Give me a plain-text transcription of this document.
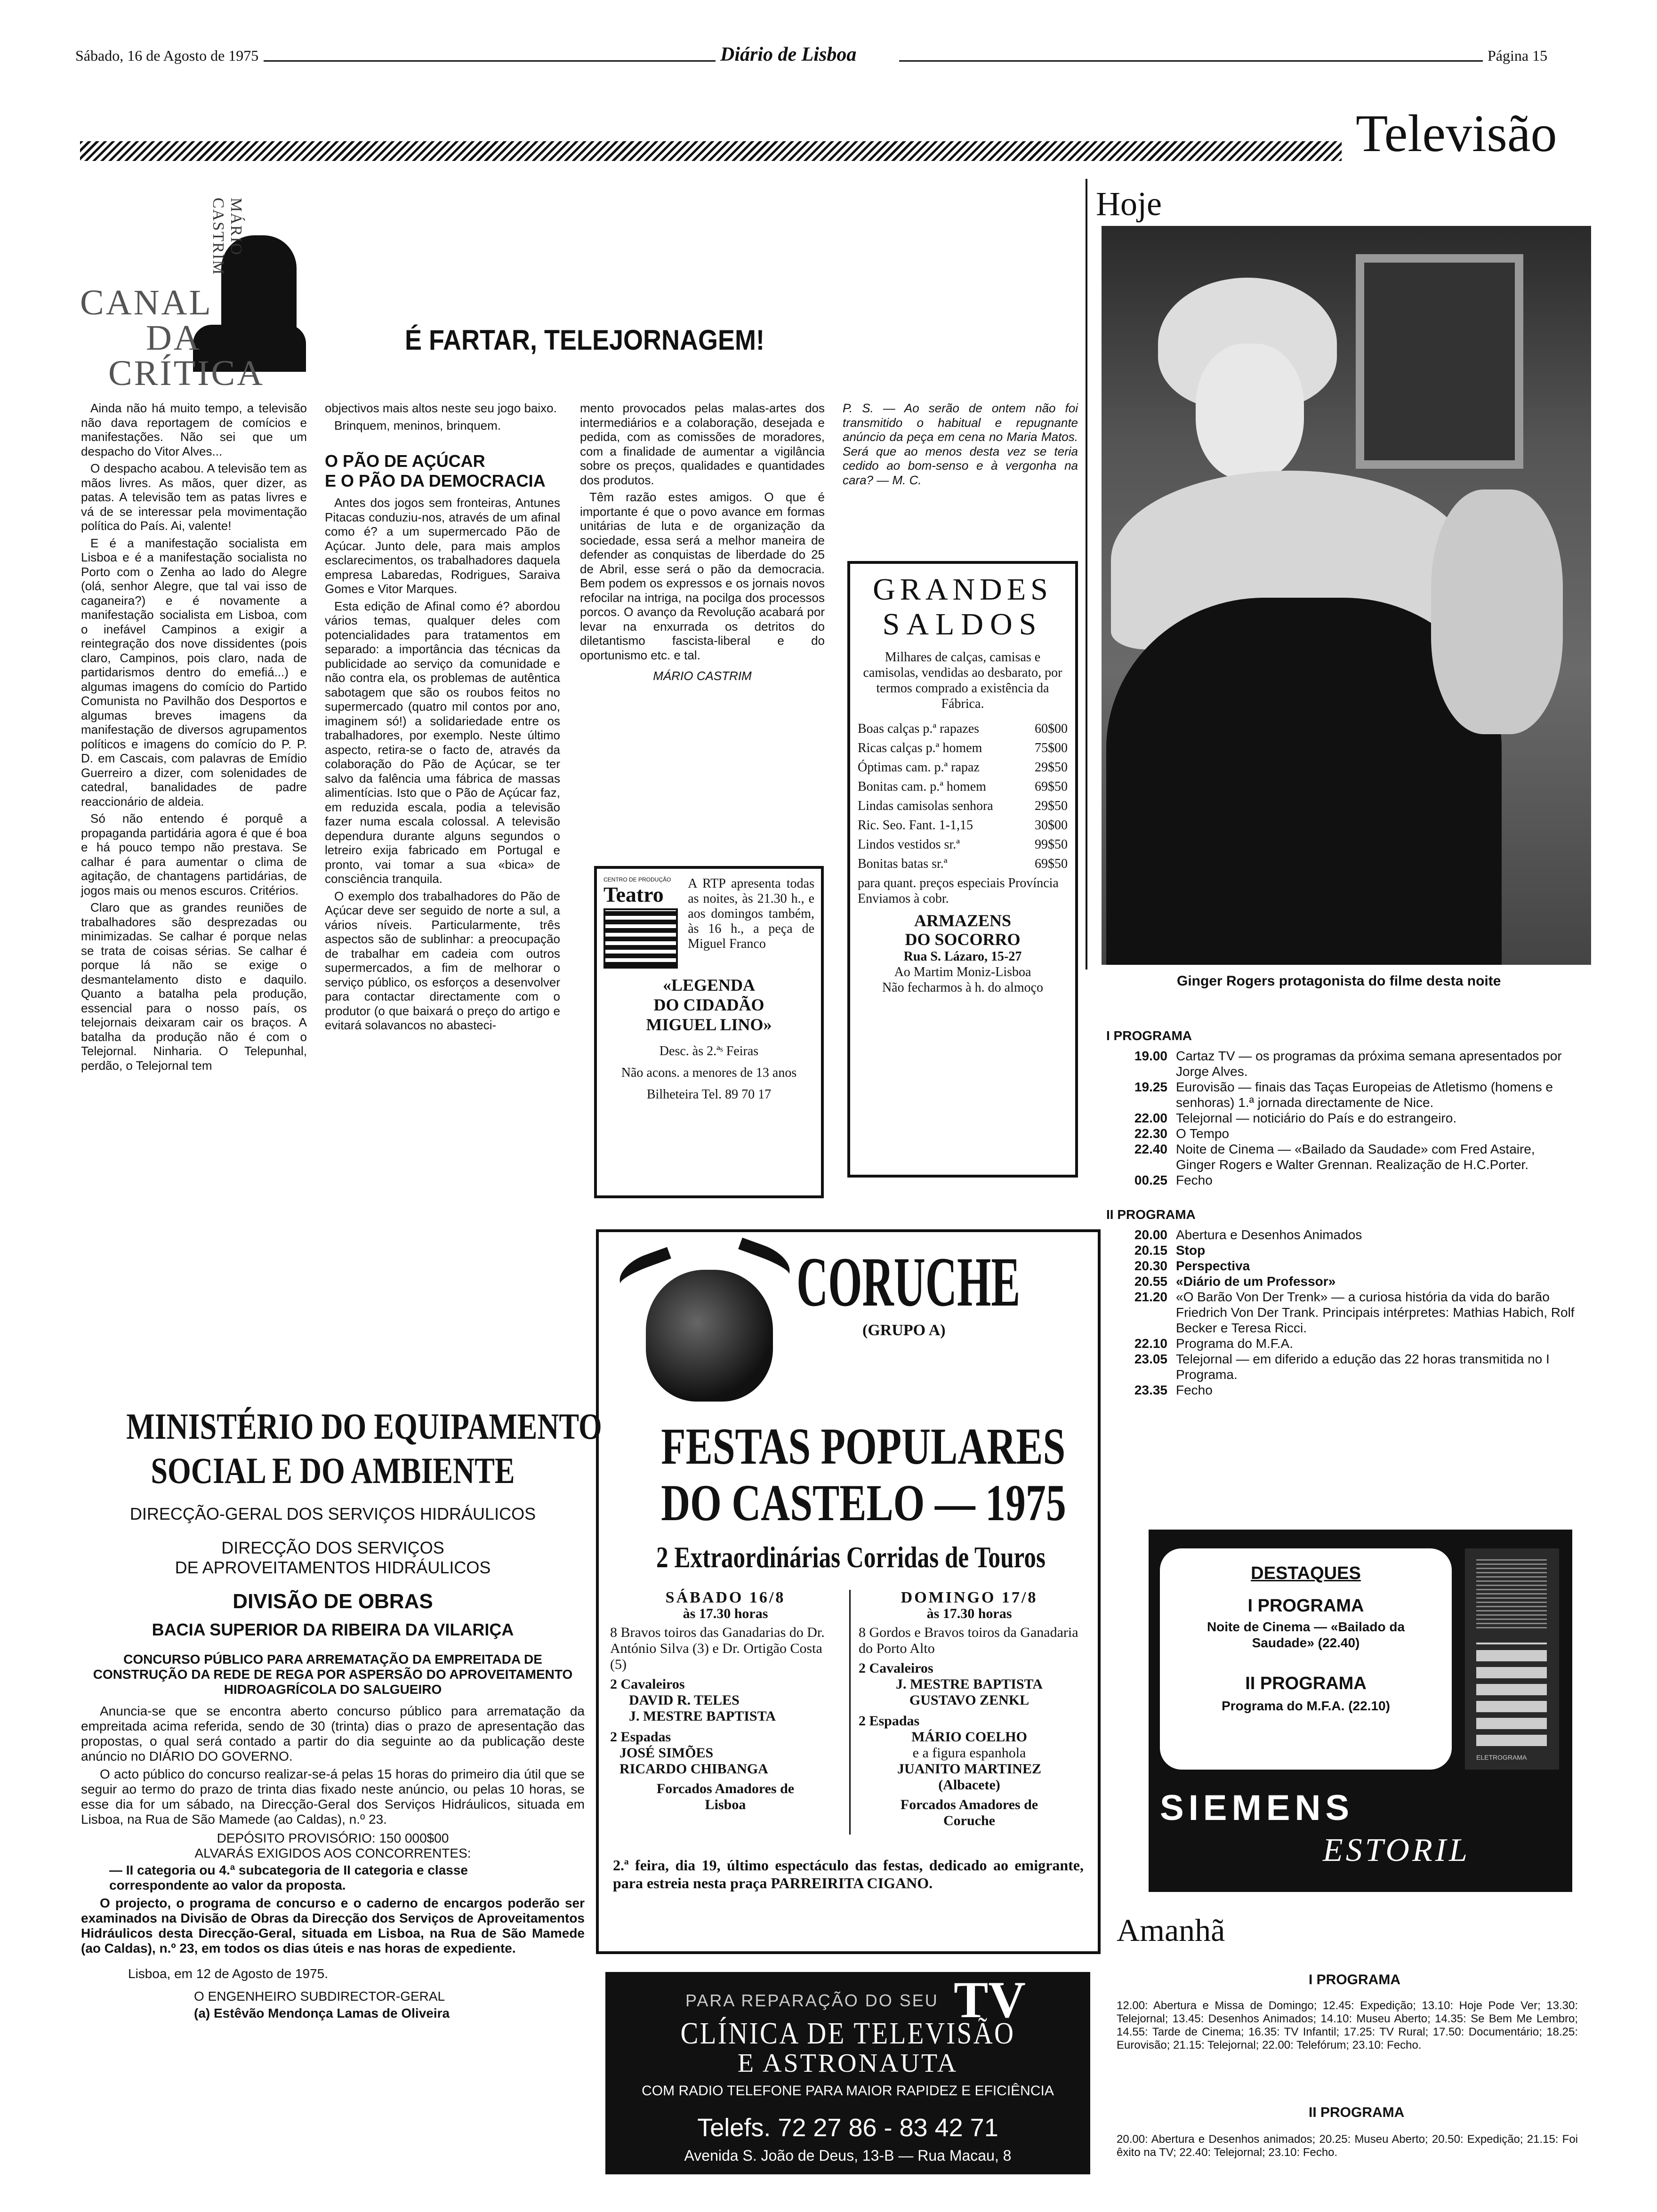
Sábado, 16 de Agosto de 1975	Diário de Lisboa	Página 15
Televisão
MÁRIO CASTRIM
CANAL
DA
CRÍTICA
É FARTAR, TELEJORNAGEM!

Ainda não há muito tempo, a televisão não dava reportagem de comícios e manifestações. Não sei que um despacho do Vitor Alves...

O despacho acabou. A televisão tem as mãos livres. As mãos, quer dizer, as patas. A televisão tem as patas livres e vá de se interessar pela movimentação política do País. Ai, valente!

E é a manifestação socialista em Lisboa e é a manifestação socialista no Porto com o Zenha ao lado do Alegre (olá, senhor Alegre, que tal vai isso de caganeira?) e é novamente a manifestação socialista em Lisboa, com o inefável Campinos a exigir a reintegração dos nove dissidentes (pois claro, Campinos, pois claro, nada de partidarismos dentro do emefiá...) e algumas imagens do comício do Partido Comunista no Pavilhão dos Desportos e algumas breves imagens da manifestação de diversos agrupamentos políticos e imagens do comício do P. P. D. em Cascais, com palavras de Emídio Guerreiro a dizer, com solenidades de catedral, banalidades de padre reaccionário de aldeia.

Só não entendo é porquê a propaganda partidária agora é que é boa e há pouco tempo não prestava. Se calhar é para aumentar o clima de agitação, de chantagens partidárias, de jogos mais ou menos escuros. Critérios.

Claro que as grandes reuniões de trabalhadores são desprezadas ou minimizadas. Se calhar é porque nelas se trata de coisas sérias. Se calhar é porque lá não se exige o desmantelamento disto e daquilo. Quanto a batalha pela produção, essencial para o nosso país, os telejornais deixaram cair os braços. A batalha da produção não é com o Telejornal. Ninharia. O Telepunhal, perdão, o Telejornal tem

objectivos mais altos neste seu jogo baixo.

Brinquem, meninos, brinquem.

O PÃO DE AÇÚCAR
E O PÃO DA DEMOCRACIA

Antes dos jogos sem fronteiras, Antunes Pitacas conduziu-nos, através de um afinal como é? a um supermercado Pão de Açúcar. Junto dele, para mais amplos esclarecimentos, os trabalhadores daquela empresa Labaredas, Rodrigues, Saraiva Gomes e Vitor Marques.

Esta edição de Afinal como é? abordou vários temas, qualquer deles com potencialidades para tratamentos em separado: a importância das técnicas da publicidade ao serviço da comunidade e não contra ela, os problemas de autêntica sabotagem que são os roubos feitos no supermercado (quatro mil contos por ano, imaginem só!) a solidariedade entre os trabalhadores, por exemplo. Neste último aspecto, retira-se o facto de, através da colaboração do Pão de Açúcar, se ter salvo da falência uma fábrica de massas alimentícias. Isto que o Pão de Açúcar faz, em reduzida escala, podia a televisão fazer numa escala colossal. A televisão dependura durante alguns segundos o letreiro exija fabricado em Portugal e pronto, vai tomar a sua «bica» de consciência tranquila.

O exemplo dos trabalhadores do Pão de Açúcar deve ser seguido de norte a sul, a vários níveis. Particularmente, três aspectos são de sublinhar: a preocupação de trabalhar em cadeia com outros supermercados, a fim de melhorar o serviço público, os esforços a desenvolver para contactar directamente com o produtor (o que baixará o preço do artigo e evitará solavancos no abasteci-

mento provocados pelas malas-artes dos intermediários e a colaboração, desejada e pedida, com as comissões de moradores, com a finalidade de aumentar a vigilância sobre os preços, qualidades e quantidades dos produtos.

Têm razão estes amigos. O que é importante é que o povo avance em formas unitárias de luta e de organização da sociedade, essa será a melhor maneira de defender as conquistas de liberdade do 25 de Abril, esse será o pão da democracia. Bem podem os expressos e os jornais novos refocilar na intriga, na pocilga dos processos porcos. O avanço da Revolução acabará por levar na enxurrada os detritos do diletantismo fascista-liberal e do oportunismo etc. e tal.

MÁRIO CASTRIM
P. S. — Ao serão de ontem não foi transmitido o habitual e repugnante anúncio da peça em cena no Maria Matos. Será que ao menos desta vez se teria cedido ao bom-senso e à vergonha na cara? — M. C.
GRANDES
SALDOS
Milhares de calças, camisas e camisolas, vendidas ao desbarato, por termos comprado a existência da Fábrica.
Boas calças p.ª rapazes	60$00
Ricas calças p.ª homem	75$00
Óptimas cam. p.ª rapaz	29$50
Bonitas cam. p.ª homem	69$50
Lindas camisolas senhora	29$50
Ric. Seo. Fant. 1-1,15	30$00
Lindos vestidos sr.ª	99$50
Bonitas batas sr.ª	69$50
para quant. preços especiais Província Enviamos à cobr.
ARMAZENS
DO SOCORRO
Rua S. Lázaro, 15-27
Ao Martim Moniz-Lisboa
Não fecharmos à h. do almoço
CENTRO DE PRODUÇÃO
Teatro	A RTP apresenta todas as noites, às 21.30 h., e aos domingos também, às 16 h., a peça de Miguel Franco
«LEGENDA
DO CIDADÃO
MIGUEL LINO»
Desc. às 2.ªˢ Feiras
Não acons. a menores de 13 anos
Bilheteira Tel. 89 70 17
Hoje
Ginger Rogers protagonista do filme desta noite
I PROGRAMA
19.00 Cartaz TV — os programas da próxima semana apresentados por Jorge Alves.
19.25 Eurovisão — finais das Taças Europeias de Atletismo (homens e senhoras) 1.ª jornada directamente de Nice.
22.00 Telejornal — noticiário do País e do estrangeiro.
22.30 O Tempo
22.40 Noite de Cinema — «Bailado da Saudade» com Fred Astaire, Ginger Rogers e Walter Grennan. Realização de H.C.Porter.
00.25 Fecho
II PROGRAMA
20.00 Abertura e Desenhos Animados
20.15 Stop
20.30 Perspectiva
20.55 «Diário de um Professor»
21.20 «O Barão Von Der Trenk» — a curiosa história da vida do barão Friedrich Von Der Trank. Principais intérpretes: Mathias Habich, Rolf Becker e Teresa Ricci.
22.10 Programa do M.F.A.
23.05 Telejornal — em diferido a edução das 22 horas transmitida no I Programa.
23.35 Fecho
DESTAQUES
I PROGRAMA
Noite de Cinema — «Bailado da Saudade» (22.40)
II PROGRAMA
Programa do M.F.A. (22.10)
ELETROGRAMA
SIEMENS
ESTORIL
Amanhã
I PROGRAMA
12.00: Abertura e Missa de Domingo; 12.45: Expedição; 13.10: Hoje Pode Ver; 13.30: Telejornal; 13.45: Desenhos Animados; 14.10: Museu Aberto; 14.35: Se Bem Me Lembro; 14.55: Tarde de Cinema; 16.35: TV Infantil; 17.25: TV Rural; 17.50: Documentário; 18.25: Eurovisão; 21.15: Telejornal; 22.00: Telefórum; 23.10: Fecho.
II PROGRAMA
20.00: Abertura e Desenhos animados; 20.25: Museu Aberto; 20.50: Expedição; 21.15: Foi êxito na TV; 22.40: Telejornal; 23.10: Fecho.
MINISTÉRIO DO EQUIPAMENTO
SOCIAL E DO AMBIENTE
DIRECÇÃO-GERAL DOS SERVIÇOS HIDRÁULICOS
DIRECÇÃO DOS SERVIÇOS
DE APROVEITAMENTOS HIDRÁULICOS
DIVISÃO DE OBRAS
BACIA SUPERIOR DA RIBEIRA DA VILARIÇA
CONCURSO PÚBLICO PARA ARREMATAÇÃO DA EMPREITADA DE CONSTRUÇÃO DA REDE DE REGA POR ASPERSÃO DO APROVEITAMENTO HIDROAGRÍCOLA DO SALGUEIRO
Anuncia-se que se encontra aberto concurso público para arrematação da empreitada acima referida, sendo de 30 (trinta) dias o prazo de apresentação das propostas, o qual será contado a partir do dia seguinte ao da publicação deste anúncio no DIÁRIO DO GOVERNO.
O acto público do concurso realizar-se-á pelas 15 horas do primeiro dia útil que se seguir ao termo do prazo de trinta dias fixado neste anúncio, ou pelas 10 horas, se esse dia for um sábado, na Direcção-Geral dos Serviços Hidráulicos, situada em Lisboa, na Rua de São Mamede (ao Caldas), n.º 23.
DEPÓSITO PROVISÓRIO: 150 000$00
ALVARÁS EXIGIDOS AOS CONCORRENTES:
— II categoria ou 4.ª subcategoria de II categoria e classe correspondente ao valor da proposta.
O projecto, o programa de concurso e o caderno de encargos poderão ser examinados na Divisão de Obras da Direcção dos Serviços de Aproveitamentos Hidráulicos desta Direcção-Geral, situada em Lisboa, na Rua de São Mamede (ao Caldas), n.º 23, em todos os dias úteis e nas horas de expediente.
Lisboa, em 12 de Agosto de 1975.
O ENGENHEIRO SUBDIRECTOR-GERAL
(a) Estêvão Mendonça Lamas de Oliveira
CORUCHE
(GRUPO A)
FESTAS POPULARES
DO CASTELO — 1975
2 Extraordinárias Corridas de Touros
SÁBADO 16/8
às 17.30 horas
8 Bravos toiros das Ganadarias do Dr. António Silva (3) e Dr. Ortigão Costa (5)
2 Cavaleiros
DAVID R. TELES
J. MESTRE BAPTISTA
2 Espadas
JOSÉ SIMÕES
RICARDO CHIBANGA
Forcados Amadores de Lisboa
DOMINGO 17/8
às 17.30 horas
8 Gordos e Bravos toiros da Ganadaria do Porto Alto
2 Cavaleiros
J. MESTRE BAPTISTA
GUSTAVO ZENKL
2 Espadas
MÁRIO COELHO
e a figura espanhola
JUANITO MARTINEZ
(Albacete)
Forcados Amadores de Coruche
2.ª feira, dia 19, último espectáculo das festas, dedicado ao emigrante, para estreia nesta praça PARREIRITA CIGANO.
PARA REPARAÇÃO DO SEU TV
CLÍNICA DE TELEVISÃO
E ASTRONAUTA
COM RADIO TELEFONE PARA MAIOR RAPIDEZ E EFICIÊNCIA
Telefs. 72 27 86 - 83 42 71
Avenida S. João de Deus, 13-B — Rua Macau, 8
